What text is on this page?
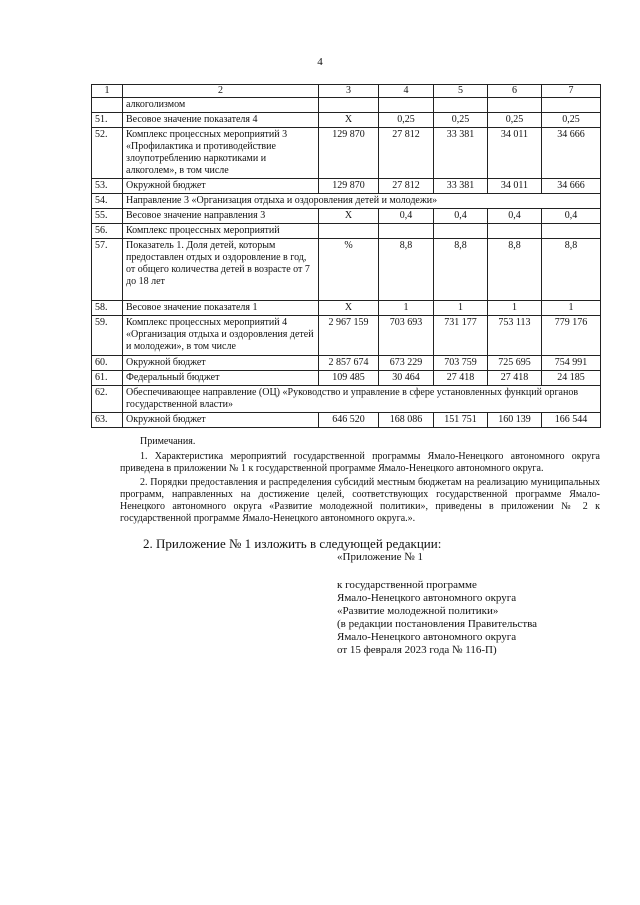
4
1	2	3	4	5	6	7
	алкоголизмом					
51.	Весовое значение показателя 4	X	0,25	0,25	0,25	0,25
52.	Комплекс процессных мероприятий 3 «Профилактика и противодействие злоупотреблению наркотиками и алкоголем», в том числе	129 870	27 812	33 381	34 011	34 666
53.	Окружной бюджет	129 870	27 812	33 381	34 011	34 666
54.	Направление 3 «Организация отдыха и оздоровления детей и молодежи»					
55.	Весовое значение направления 3	X	0,4	0,4	0,4	0,4
56.	Комплекс процессных мероприятий					
57.	Показатель 1. Доля детей, которым предоставлен отдых и оздоровление в год, от общего количества детей в возрасте от 7 до 18 лет	%	8,8	8,8	8,8	8,8
58.	Весовое значение показателя 1	X	1	1	1	1
59.	Комплекс процессных мероприятий 4 «Организация отдыха и оздоровления детей и молодежи», в том числе	2 967 159	703 693	731 177	753 113	779 176
60.	Окружной бюджет	2 857 674	673 229	703 759	725 695	754 991
61.	Федеральный бюджет	109 485	30 464	27 418	27 418	24 185
62.	Обеспечивающее направление (ОЦ) «Руководство и управление в сфере установленных функций органов государственной власти»					
63.	Окружной бюджет	646 520	168 086	151 751	160 139	166 544

Примечания.

1. Характеристика мероприятий государственной программы Ямало-Ненецкого автономного округа приведена в приложении № 1 к государственной программе Ямало-Ненецкого автономного округа.

2. Порядки предоставления и распределения субсидий местным бюджетам на реализацию муниципальных программ, направленных на достижение целей, соответствующих государственной программе Ямало-Ненецкого автономного округа «Развитие молодежной политики», приведены в приложении № 2 к государственной программе Ямало-Ненецкого автономного округа.».

2. Приложение № 1 изложить в следующей редакции:
«Приложение № 1
к государственной программе
Ямало-Ненецкого автономного округа
«Развитие молодежной политики»
(в редакции постановления Правительства
Ямало-Ненецкого автономного округа
от 15 февраля 2023 года № 116-П)
